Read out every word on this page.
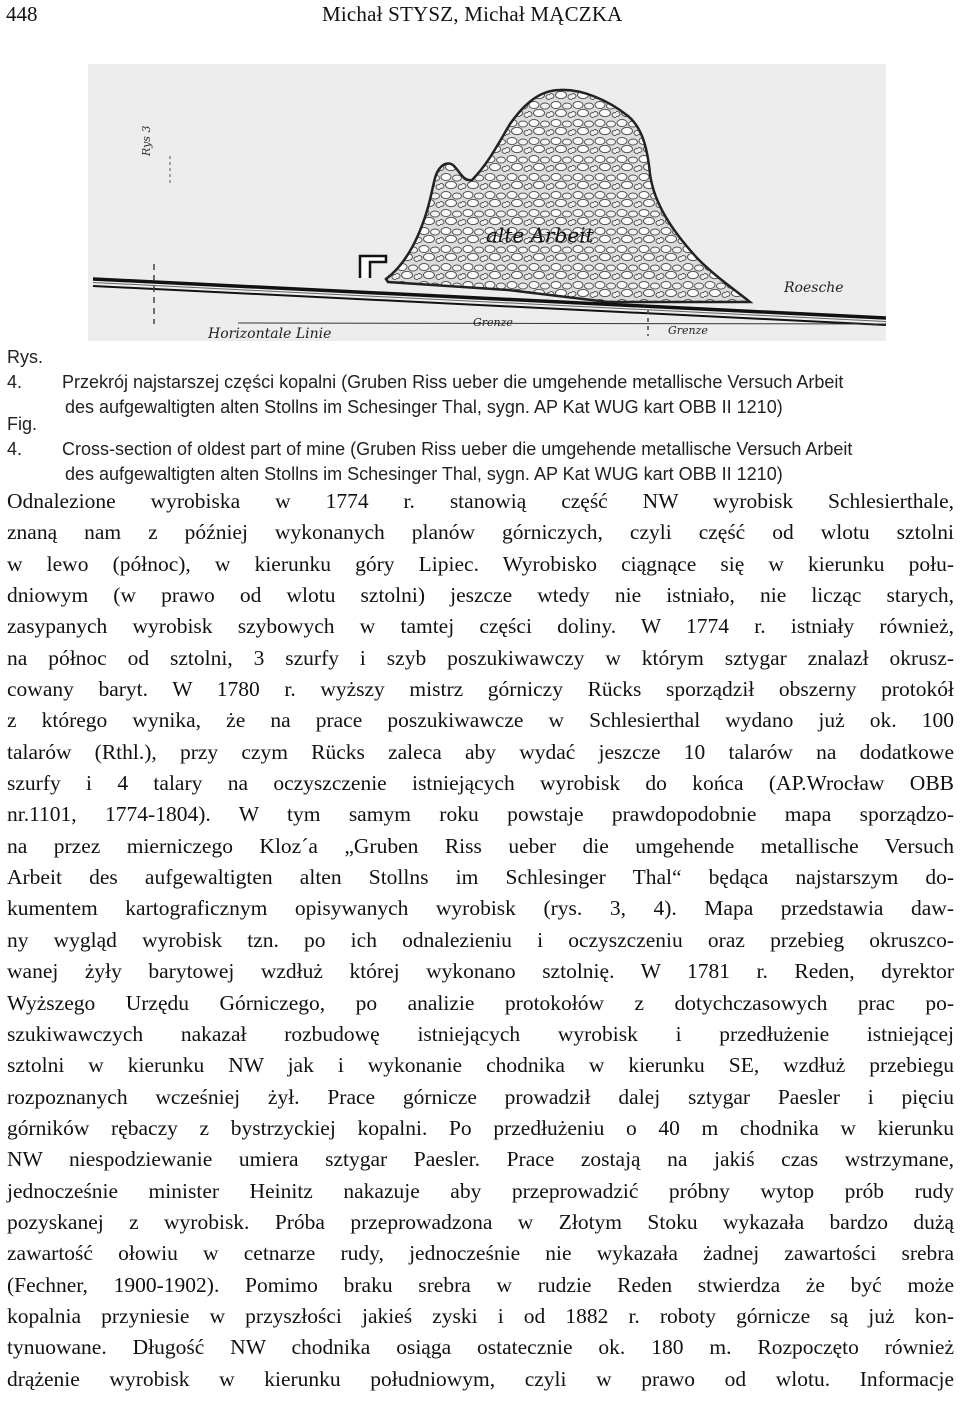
448	Michał STYSZ, Michał MĄCZKA
alte Arbeit
Rys 3
Horizontale Linie
Grenze
Grenze
Roesche
Rys. 4. Przekrój najstarszej części kopalni (Gruben Riss ueber die umgehende metallische Versuch Arbeit
des aufgewaltigten alten Stollns im Schesinger Thal, sygn. AP Kat WUG kart OBB II 1210)
Fig. 4. Cross-section of oldest part of mine (Gruben Riss ueber die umgehende metallische Versuch Arbeit
des aufgewaltigten alten Stollns im Schesinger Thal, sygn. AP Kat WUG kart OBB II 1210)
Odnalezione wyrobiska w 1774 r. stanowią część NW wyrobisk Schlesierthale,
znaną nam z później wykonanych planów górniczych, czyli część od wlotu sztolni
w lewo (północ), w kierunku góry Lipiec. Wyrobisko ciągnące się w kierunku połu-
dniowym (w prawo od wlotu sztolni) jeszcze wtedy nie istniało, nie licząc starych,
zasypanych wyrobisk szybowych w tamtej części doliny. W 1774 r. istniały również,
na północ od sztolni, 3 szurfy i szyb poszukiwawczy w którym sztygar znalazł okrusz-
cowany baryt. W 1780 r. wyższy mistrz górniczy Rücks sporządził obszerny protokół
z którego wynika, że na prace poszukiwawcze w Schlesierthal wydano już ok. 100
talarów (Rthl.), przy czym Rücks zaleca aby wydać jeszcze 10 talarów na dodatkowe
szurfy i 4 talary na oczyszczenie istniejących wyrobisk do końca (AP.Wrocław OBB
nr.1101, 1774-1804). W tym samym roku powstaje prawdopodobnie mapa sporządzo-
na przez mierniczego Kloz´a „Gruben Riss ueber die umgehende metallische Versuch
Arbeit des aufgewaltigten alten Stollns im Schlesinger Thal“ będąca najstarszym do-
kumentem kartograficznym opisywanych wyrobisk (rys. 3, 4). Mapa przedstawia daw-
ny wygląd wyrobisk tzn. po ich odnalezieniu i oczyszczeniu oraz przebieg okruszco-
wanej żyły barytowej wzdłuż której wykonano sztolnię. W 1781 r. Reden, dyrektor
Wyższego Urzędu Górniczego, po analizie protokołów z dotychczasowych prac po-
szukiwawczych nakazał rozbudowę istniejących wyrobisk i przedłużenie istniejącej
sztolni w kierunku NW jak i wykonanie chodnika w kierunku SE, wzdłuż przebiegu
rozpoznanych wcześniej żył. Prace górnicze prowadził dalej sztygar Paesler i pięciu
górników rębaczy z bystrzyckiej kopalni. Po przedłużeniu o 40 m chodnika w kierunku
NW niespodziewanie umiera sztygar Paesler. Prace zostają na jakiś czas wstrzymane,
jednocześnie minister Heinitz nakazuje aby przeprowadzić próbny wytop prób rudy
pozyskanej z wyrobisk. Próba przeprowadzona w Złotym Stoku wykazała bardzo dużą
zawartość ołowiu w cetnarze rudy, jednocześnie nie wykazała żadnej zawartości srebra
(Fechner, 1900-1902). Pomimo braku srebra w rudzie Reden stwierdza że być może
kopalnia przyniesie w przyszłości jakieś zyski i od 1882 r. roboty górnicze są już kon-
tynuowane. Długość NW chodnika osiąga ostatecznie ok. 180 m. Rozpoczęto również
drążenie wyrobisk w kierunku południowym, czyli w prawo od wlotu. Informacje
